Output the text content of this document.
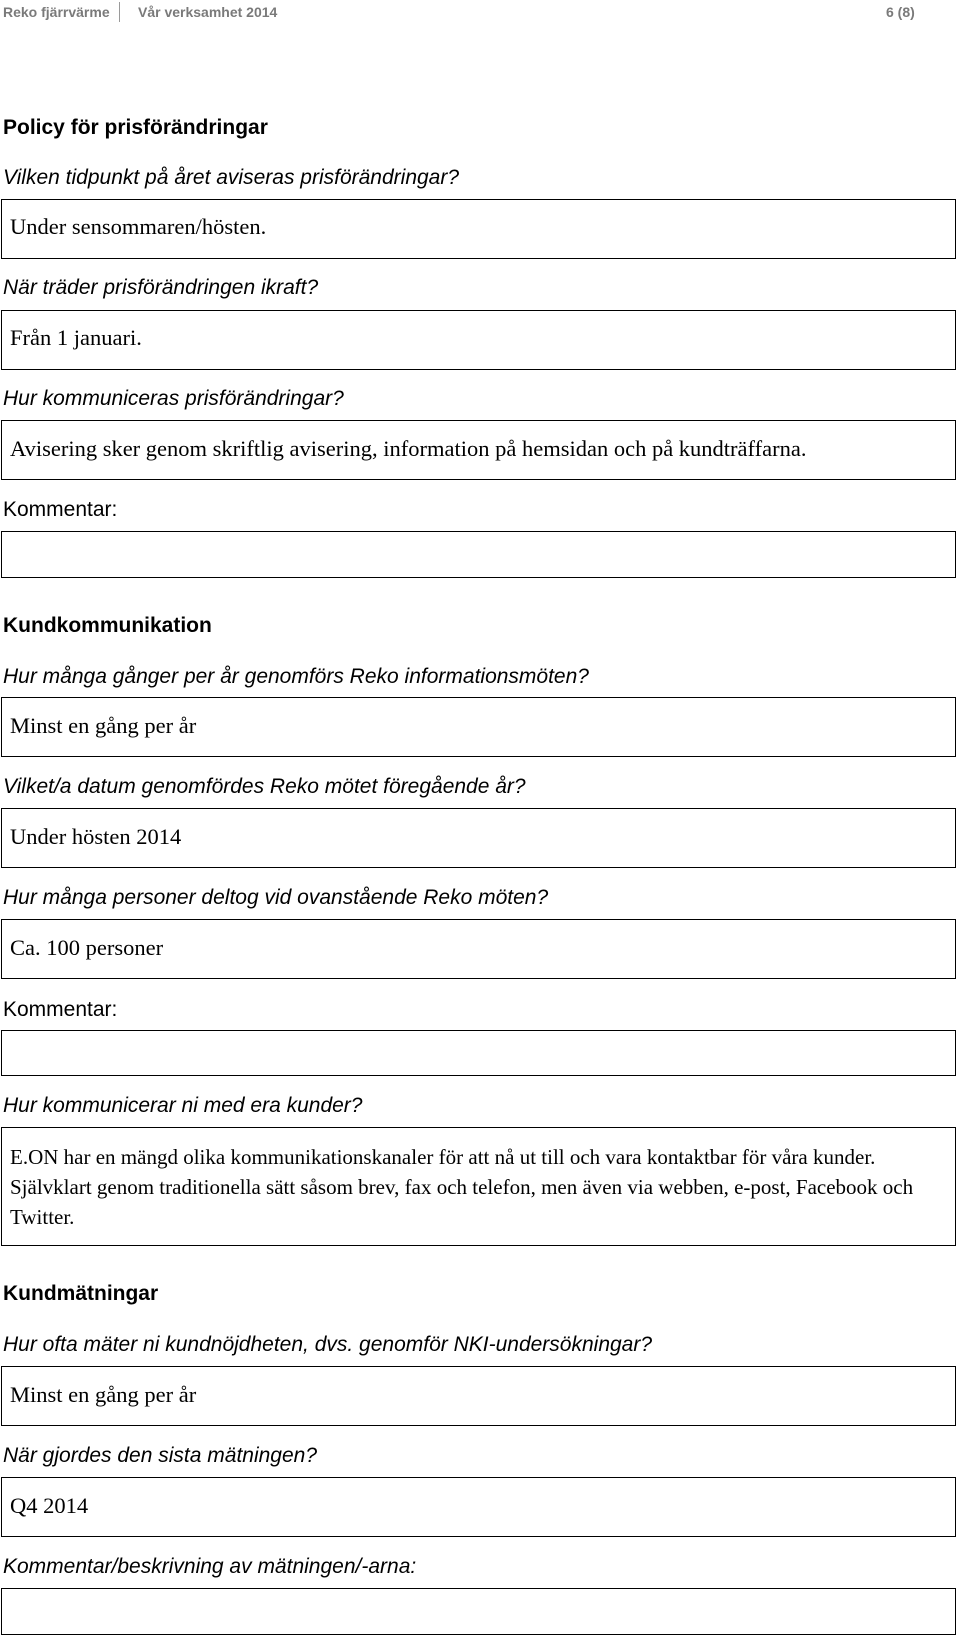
Reko fjärrvärme Vår verksamhet 2014	6 (8)
Policy för prisförändringar
Vilken tidpunkt på året aviseras prisförändringar?
Under sensommaren/hösten.
När träder prisförändringen ikraft?
Från 1 januari.
Hur kommuniceras prisförändringar?
Avisering sker genom skriftlig avisering, information på hemsidan och på kundträffarna.
Kommentar:
Kundkommunikation
Hur många gånger per år genomförs Reko informationsmöten?
Minst en gång per år
Vilket/a datum genomfördes Reko mötet föregående år?
Under hösten 2014
Hur många personer deltog vid ovanstående Reko möten?
Ca. 100 personer
Kommentar:
Hur kommunicerar ni med era kunder?
E.ON har en mängd olika kommunikationskanaler för att nå ut till och vara kontaktbar för våra kunder. Självklart genom traditionella sätt såsom brev, fax och telefon, men även via webben, e-post, Facebook och Twitter.
Kundmätningar
Hur ofta mäter ni kundnöjdheten, dvs. genomför NKI-undersökningar?
Minst en gång per år
När gjordes den sista mätningen?
Q4 2014
Kommentar/beskrivning av mätningen/-arna:
